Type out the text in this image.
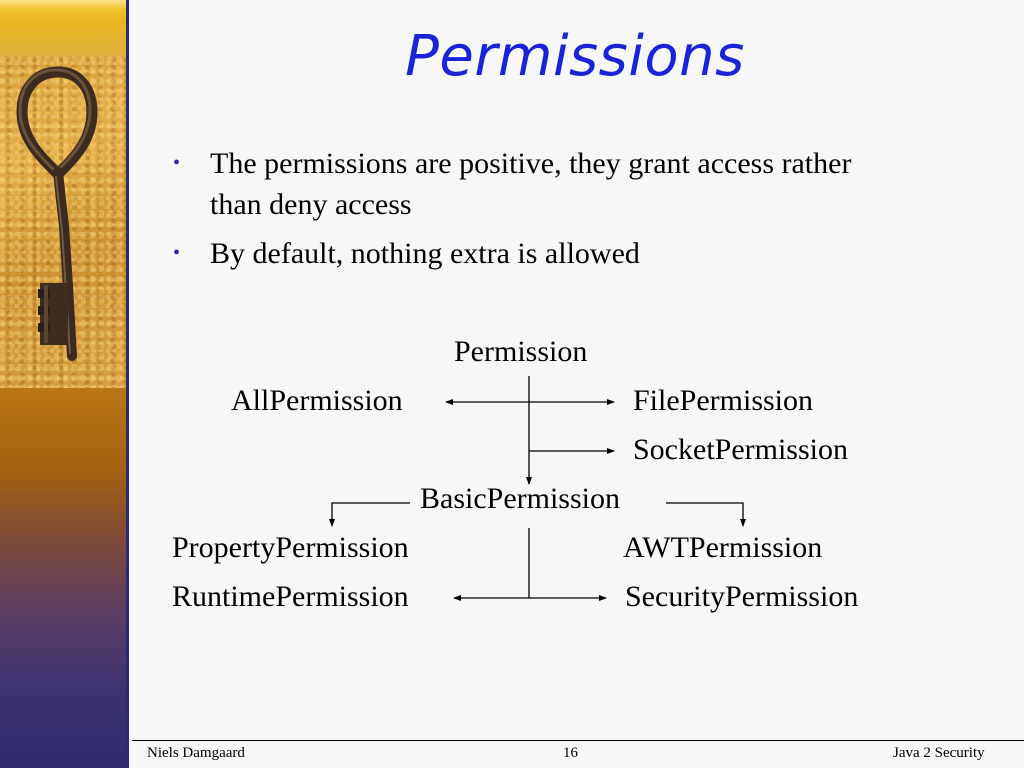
Permissions
• The permissions are positive, they grant access rather than deny access
• By default, nothing extra is allowed
Permission
AllPermission	FilePermission
SocketPermission
BasicPermission
PropertyPermission	AWTPermission
RuntimePermission	SecurityPermission
Niels Damgaard	16	Java 2 Security
